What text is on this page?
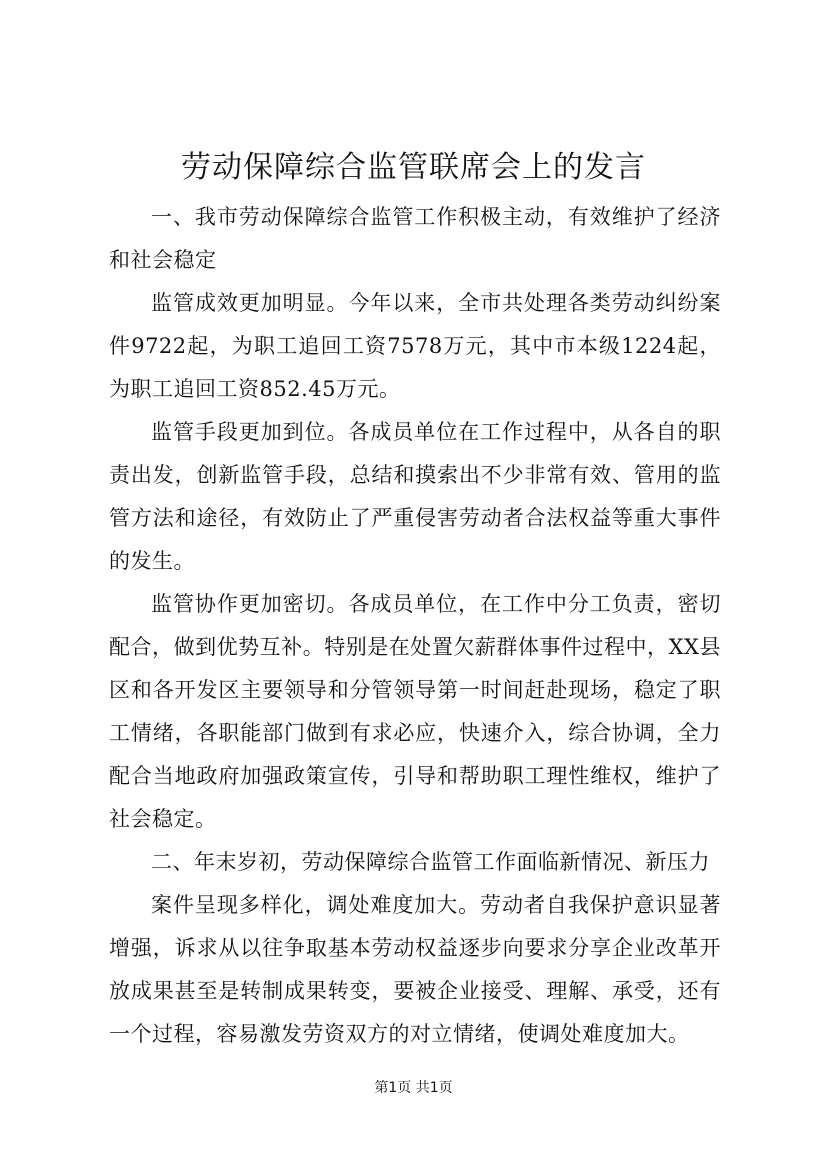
劳动保障综合监管联席会上的发言

一、我市劳动保障综合监管工作积极主动，有效维护了经济和社会稳定

监管成效更加明显。今年以来，全市共处理各类劳动纠纷案件9722起，为职工追回工资7578万元，其中市本级1224起，为职工追回工资852.45万元。

监管手段更加到位。各成员单位在工作过程中，从各自的职责出发，创新监管手段，总结和摸索出不少非常有效、管用的监管方法和途径，有效防止了严重侵害劳动者合法权益等重大事件的发生。

监管协作更加密切。各成员单位，在工作中分工负责，密切配合，做到优势互补。特别是在处置欠薪群体事件过程中，XX县区和各开发区主要领导和分管领导第一时间赶赴现场，稳定了职工情绪，各职能部门做到有求必应，快速介入，综合协调，全力配合当地政府加强政策宣传，引导和帮助职工理性维权，维护了社会稳定。

二、年末岁初，劳动保障综合监管工作面临新情况、新压力

案件呈现多样化，调处难度加大。劳动者自我保护意识显著增强，诉求从以往争取基本劳动权益逐步向要求分享企业改革开放成果甚至是转制成果转变，要被企业接受、理解、承受，还有一个过程，容易激发劳资双方的对立情绪，使调处难度加大。

第1页 共1页
